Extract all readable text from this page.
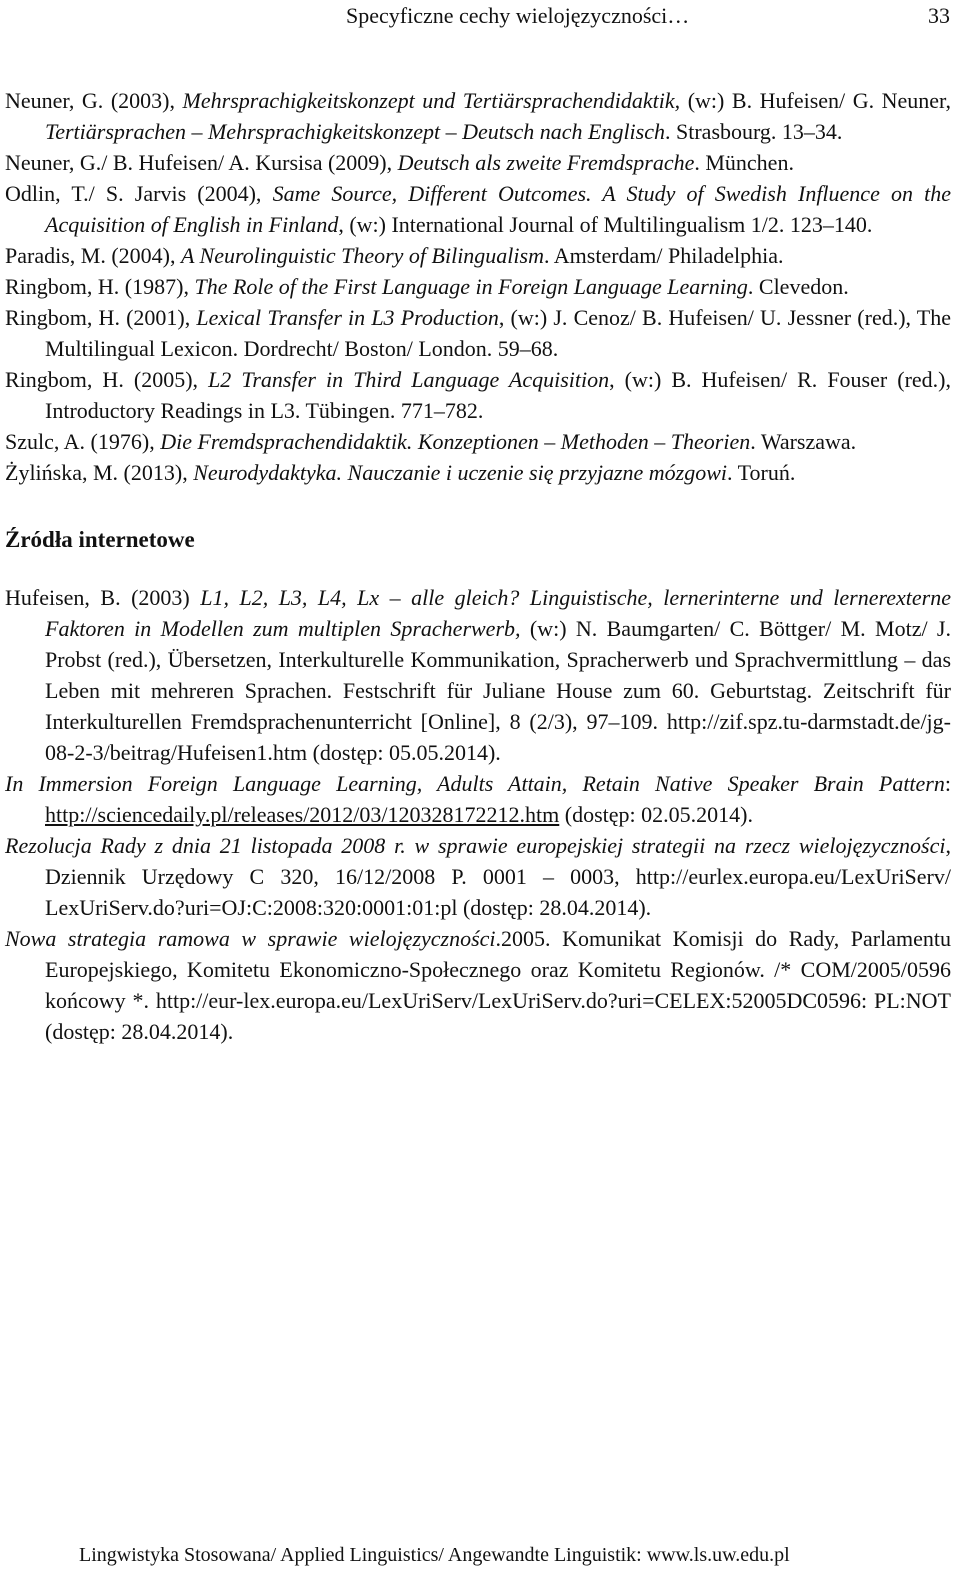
Specyficzne cechy wielojęzyczności…	33

Neuner, G. (2003), Mehrsprachigkeitskonzept und Tertiärsprachendidaktik, (w:) B. Hufeisen/ G. Neuner, Tertiärsprachen – Mehrsprachigkeitskonzept – Deutsch nach Englisch. Strasbourg. 13–34.

Neuner, G./ B. Hufeisen/ A. Kursisa (2009), Deutsch als zweite Fremdsprache. München.

Odlin, T./ S. Jarvis (2004), Same Source, Different Outcomes. A Study of Swedish Influence on the Acquisition of English in Finland, (w:) International Journal of Multilingualism 1/2. 123–140.

Paradis, M. (2004), A Neurolinguistic Theory of Bilingualism. Amsterdam/ Philadelphia.

Ringbom, H. (1987), The Role of the First Language in Foreign Language Learning. Clevedon.

Ringbom, H. (2001), Lexical Transfer in L3 Production, (w:) J. Cenoz/ B. Hufeisen/ U. Jessner (red.), The Multilingual Lexicon. Dordrecht/ Boston/ London. 59–68.

Ringbom, H. (2005), L2 Transfer in Third Language Acquisition, (w:) B. Hufeisen/ R. Fouser (red.), Introductory Readings in L3. Tübingen. 771–782.

Szulc, A. (1976), Die Fremdsprachendidaktik. Konzeptionen – Methoden – Theorien. Warszawa.

Żylińska, M. (2013), Neurodydaktyka. Nauczanie i uczenie się przyjazne mózgowi. Toruń.

Źródła internetowe

Hufeisen, B. (2003) L1, L2, L3, L4, Lx – alle gleich? Linguistische, lernerinterne und lernerexterne Faktoren in Modellen zum multiplen Spracherwerb, (w:) N. Baumgarten/ C. Böttger/ M. Motz/ J. Probst (red.), Übersetzen, Interkulturelle Kommunikation, Spracherwerb und Sprachvermittlung – das Leben mit mehreren Sprachen. Festschrift für Juliane House zum 60. Geburtstag. Zeitschrift für Interkulturellen Fremdsprachenunterricht [Online], 8 (2/3), 97–109. http://zif.spz.tu-darmstadt.de/jg-08-2-3/beitrag/Hufeisen1.htm (dostęp: 05.05.2014).

In Immersion Foreign Language Learning, Adults Attain, Retain Native Speaker Brain Pattern: http://sciencedaily.pl/releases/2012/03/120328172212.htm (dostęp: 02.05.2014).

Rezolucja Rady z dnia 21 listopada 2008 r. w sprawie europejskiej strategii na rzecz wielojęzyczności, Dziennik Urzędowy C 320, 16/12/2008 P. 0001 – 0003, http://eurlex.europa.eu/LexUriServ/ LexUriServ.do?uri=OJ:C:2008:320:0001:01:pl (dostęp: 28.04.2014).

Nowa strategia ramowa w sprawie wielojęzyczności.2005. Komunikat Komisji do Rady, Parlamentu Europejskiego, Komitetu Ekonomiczno-Społecznego oraz Komitetu Regionów. /* COM/2005/0596 końcowy *. http://eur-lex.europa.eu/LexUriServ/LexUriServ.do?uri=CELEX:52005DC0596: PL:NOT (dostęp: 28.04.2014).

Lingwistyka Stosowana/ Applied Linguistics/ Angewandte Linguistik: www.ls.uw.edu.pl
